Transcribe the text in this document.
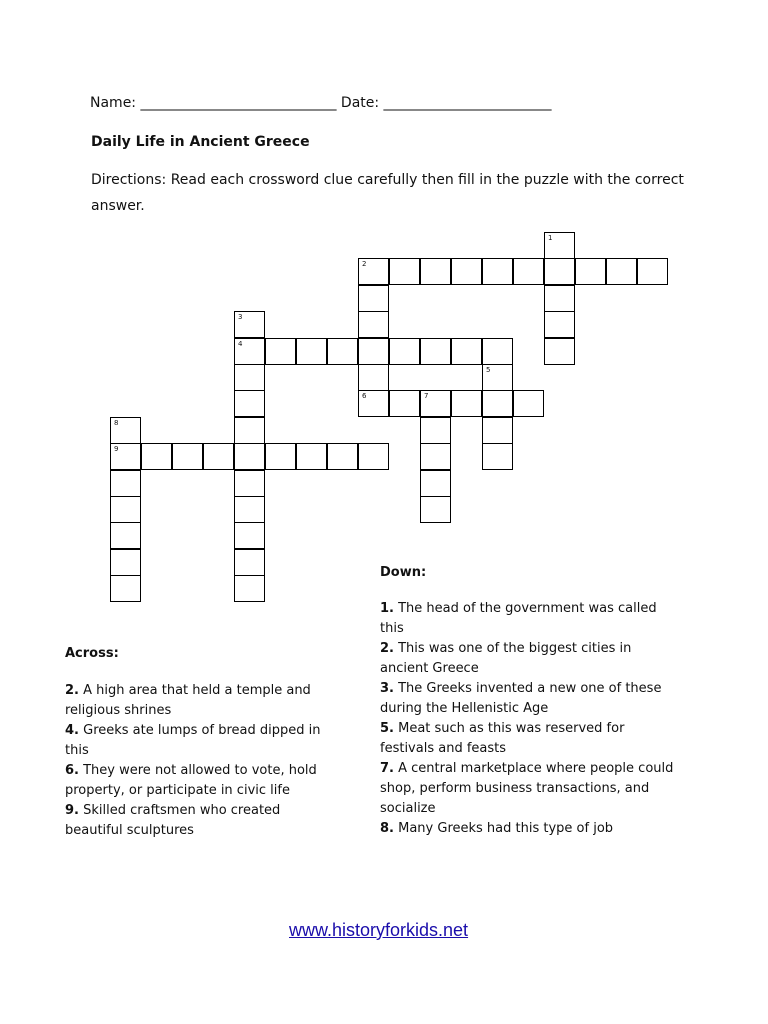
Name: ____________________________ Date: ________________________
Daily Life in Ancient Greece
Directions: Read each crossword clue carefully then fill in the puzzle with the correct answer.
1
2
6
3
4
7
5
8
9
Down:

1. The head of the government was called this

2. This was one of the biggest cities in ancient Greece

3. The Greeks invented a new one of these during the Hellenistic Age

5. Meat such as this was reserved for festivals and feasts

7. A central marketplace where people could shop, perform business transactions, and socialize

8. Many Greeks had this type of job

Across:

2. A high area that held a temple and religious shrines

4. Greeks ate lumps of bread dipped in this

6. They were not allowed to vote, hold property, or participate in civic life

9. Skilled craftsmen who created beautiful sculptures

www.historyforkids.net
